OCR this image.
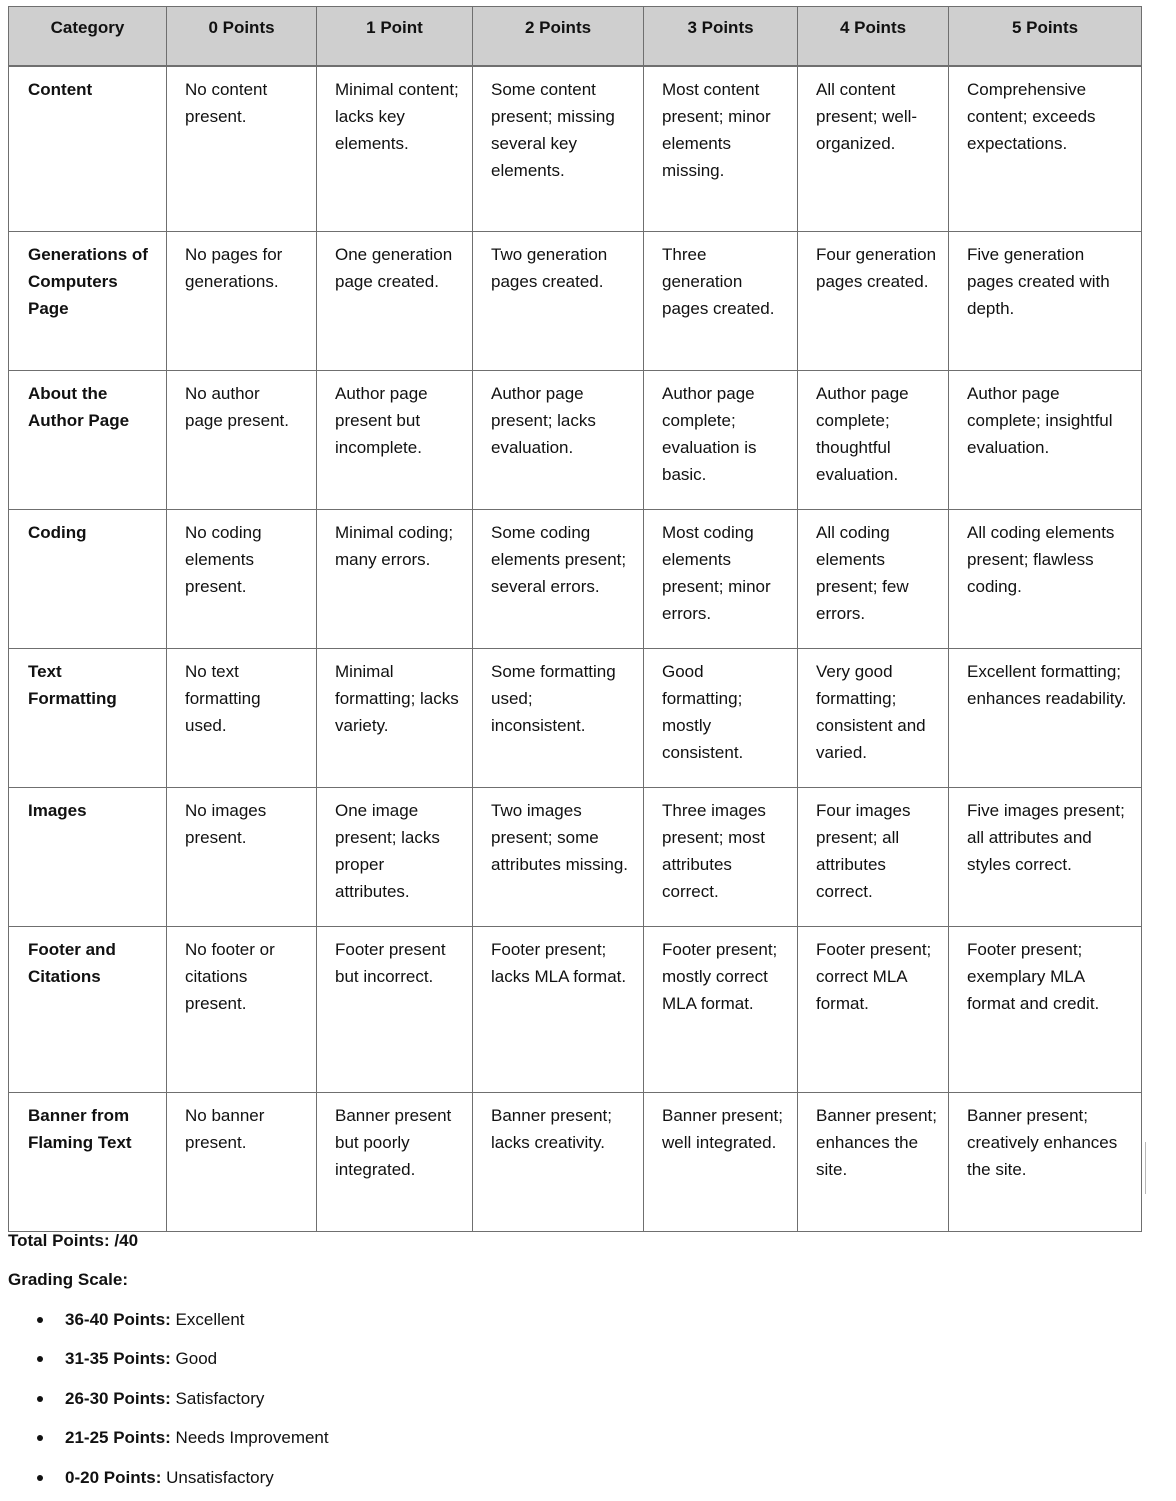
Category	0 Points	1 Point	2 Points	3 Points	4 Points	5 Points
Content	No content present.	Minimal content; lacks key elements.	Some content present; missing several key elements.	Most content present; minor elements missing.	All content present; well-organized.	Comprehensive content; exceeds expectations.
Generations of Computers Page	No pages for generations.	One generation page created.	Two generation pages created.	Three generation pages created.	Four generation pages created.	Five generation pages created with depth.
About the Author Page	No author page present.	Author page present but incomplete.	Author page present; lacks evaluation.	Author page complete; evaluation is basic.	Author page complete; thoughtful evaluation.	Author page complete; insightful evaluation.
Coding	No coding elements present.	Minimal coding; many errors.	Some coding elements present; several errors.	Most coding elements present; minor errors.	All coding elements present; few errors.	All coding elements present; flawless coding.
Text Formatting	No text formatting used.	Minimal formatting; lacks variety.	Some formatting used; inconsistent.	Good formatting; mostly consistent.	Very good formatting; consistent and varied.	Excellent formatting; enhances readability.
Images	No images present.	One image present; lacks proper attributes.	Two images present; some attributes missing.	Three images present; most attributes correct.	Four images present; all attributes correct.	Five images present; all attributes and styles correct.
Footer and Citations	No footer or citations present.	Footer present but incorrect.	Footer present; lacks MLA format.	Footer present; mostly correct MLA format.	Footer present; correct MLA format.	Footer present; exemplary MLA format and credit.
Banner from Flaming Text	No banner present.	Banner present but poorly integrated.	Banner present; lacks creativity.	Banner present; well integrated.	Banner present; enhances the site.	Banner present; creatively enhances the site.

Total Points: /40

Grading Scale:

36-40 Points: Excellent
31-35 Points: Good
26-30 Points: Satisfactory
21-25 Points: Needs Improvement
0-20 Points: Unsatisfactory
